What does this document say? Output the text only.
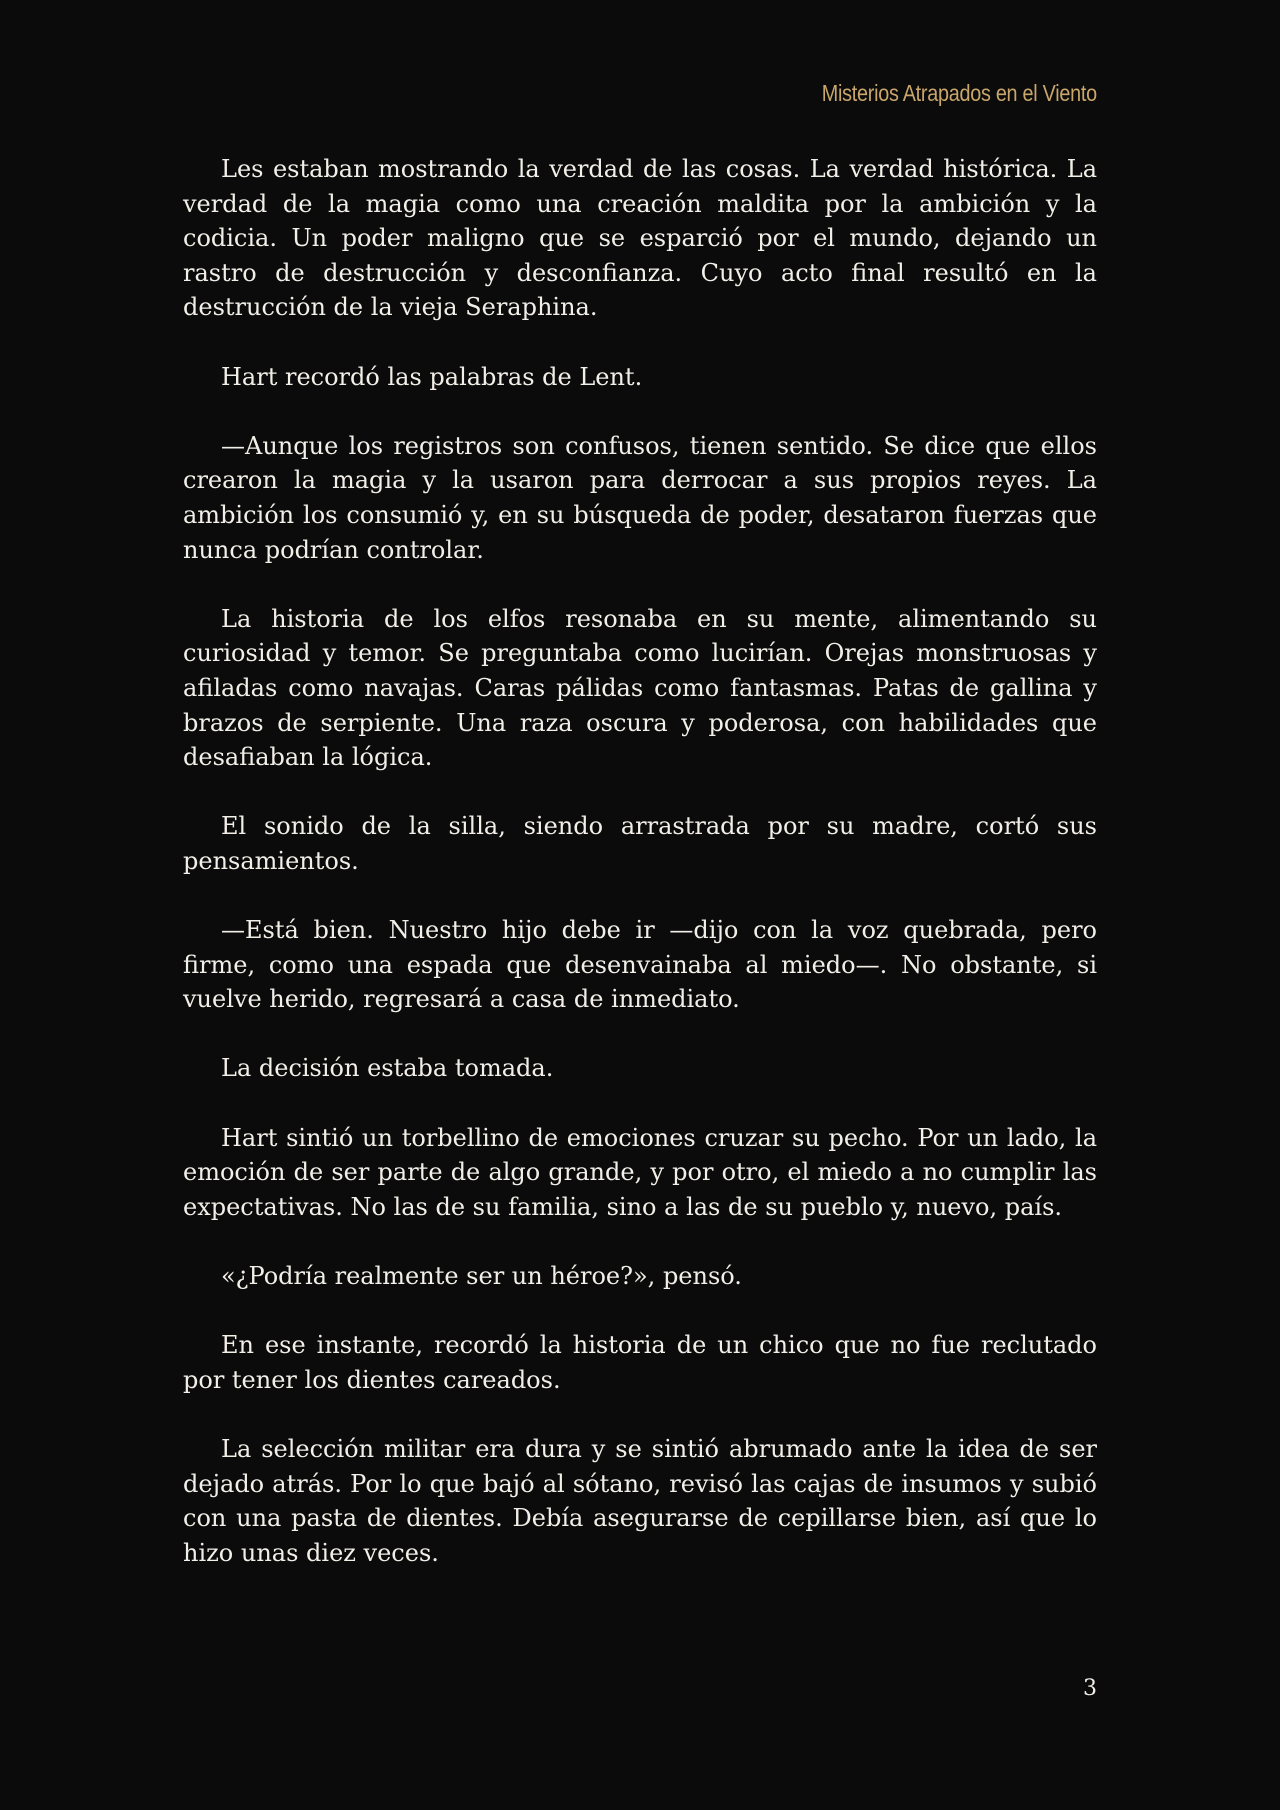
Misterios Atrapados en el Viento

Les estaban mostrando la verdad de las cosas. La verdad histórica. La verdad de la magia como una creación maldita por la ambición y la codicia. Un poder maligno que se esparció por el mundo, dejando un rastro de destrucción y desconfianza. Cuyo acto final resultó en la destrucción de la vieja Seraphina.

Hart recordó las palabras de Lent.

—Aunque los registros son confusos, tienen sentido. Se dice que ellos crearon la magia y la usaron para derrocar a sus propios reyes. La ambición los consumió y, en su búsqueda de poder, desataron fuerzas que nunca podrían controlar.

La historia de los elfos resonaba en su mente, alimentando su curiosidad y temor. Se preguntaba como lucirían. Orejas monstruosas y afiladas como navajas. Caras pálidas como fantasmas. Patas de gallina y brazos de serpiente. Una raza oscura y poderosa, con habilidades que desafiaban la lógica.

El sonido de la silla, siendo arrastrada por su madre, cortó sus pensamientos.

—Está bien. Nuestro hijo debe ir —dijo con la voz quebrada, pero firme, como una espada que desenvainaba al miedo—. No obstante, si vuelve herido, regresará a casa de inmediato.

La decisión estaba tomada.

Hart sintió un torbellino de emociones cruzar su pecho. Por un lado, la emoción de ser parte de algo grande, y por otro, el miedo a no cumplir las expectativas. No las de su familia, sino a las de su pueblo y, nuevo, país.

«¿Podría realmente ser un héroe?», pensó.

En ese instante, recordó la historia de un chico que no fue reclutado por tener los dientes careados.

La selección militar era dura y se sintió abrumado ante la idea de ser dejado atrás. Por lo que bajó al sótano, revisó las cajas de insumos y subió con una pasta de dientes. Debía asegurarse de cepillarse bien, así que lo hizo unas diez veces.

3
